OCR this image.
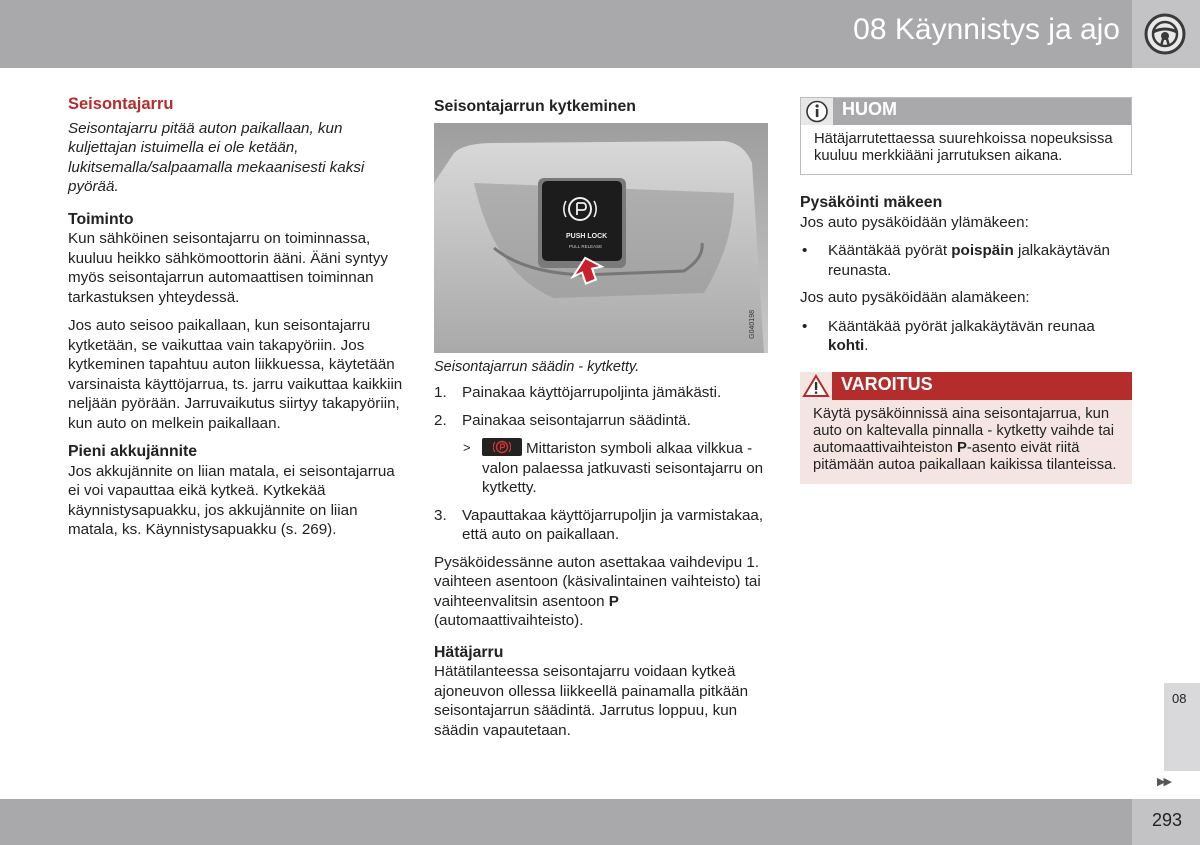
08 Käynnistys ja ajo
Seisontajarru
Seisontajarru pitää auton paikallaan, kun kuljettajan istuimella ei ole ketään, lukitsemalla/salpaamalla mekaanisesti kaksi pyörää.
Toiminto

Kun sähköinen seisontajarru on toiminnassa, kuuluu heikko sähkömoottorin ääni. Ääni syntyy myös seisontajarrun automaattisen toiminnan tarkastuksen yhteydessä.

Jos auto seisoo paikallaan, kun seisontajarru kytketään, se vaikuttaa vain takapyöriin. Jos kytkeminen tapahtuu auton liikkuessa, käytetään varsinaista käyttöjarrua, ts. jarru vaikuttaa kaikkiin neljään pyörään. Jarruvaikutus siirtyy takapyöriin, kun auto on melkein paikallaan.

Pieni akkujännite

Jos akkujännite on liian matala, ei seisontajarrua ei voi vapauttaa eikä kytkeä. Kytkekää käynnistysapuakku, jos akkujännite on liian matala, ks. Käynnistysapuakku (s. 269).

Seisontajarrun kytkeminen
PUSH LOCK
PULL RELEASE
G040198
Seisontajarrun säädin - kytketty.
1. Painakaa käyttöjarrupoljinta jämäkästi.
2. Painakaa seisontajarrun säädintä.
>	Mittariston symboli alkaa vilkkua - valon palaessa jatkuvasti seisontajarru on kytketty.
3. Vapauttakaa käyttöjarrupoljin ja varmistakaa, että auto on paikallaan.

Pysäköidessänne auton asettakaa vaihdevipu 1. vaihteen asentoon (käsivalintainen vaihteisto) tai vaihteenvalitsin asentoon P (automaattivaihteisto).

Hätäjarru

Hätätilanteessa seisontajarru voidaan kytkeä ajoneuvon ollessa liikkeellä painamalla pitkään seisontajarrun säädintä. Jarrutus loppuu, kun säädin vapautetaan.

HUOM
Hätäjarrutettaessa suurehkoissa nopeuksissa kuuluu merkkiääni jarrutuksen aikana.
Pysäköinti mäkeen

Jos auto pysäköidään ylämäkeen:

• Kääntäkää pyörät poispäin jalkakäytävän reunasta.

Jos auto pysäköidään alamäkeen:

• Kääntäkää pyörät jalkakäytävän reunaa kohti.
VAROITUS
Käytä pysäköinnissä aina seisontajarrua, kun auto on kaltevalla pinnalla - kytketty vaihde tai automaattivaihteiston P-asento eivät riitä pitämään autoa paikallaan kaikissa tilanteissa.
08
▶▶
293
